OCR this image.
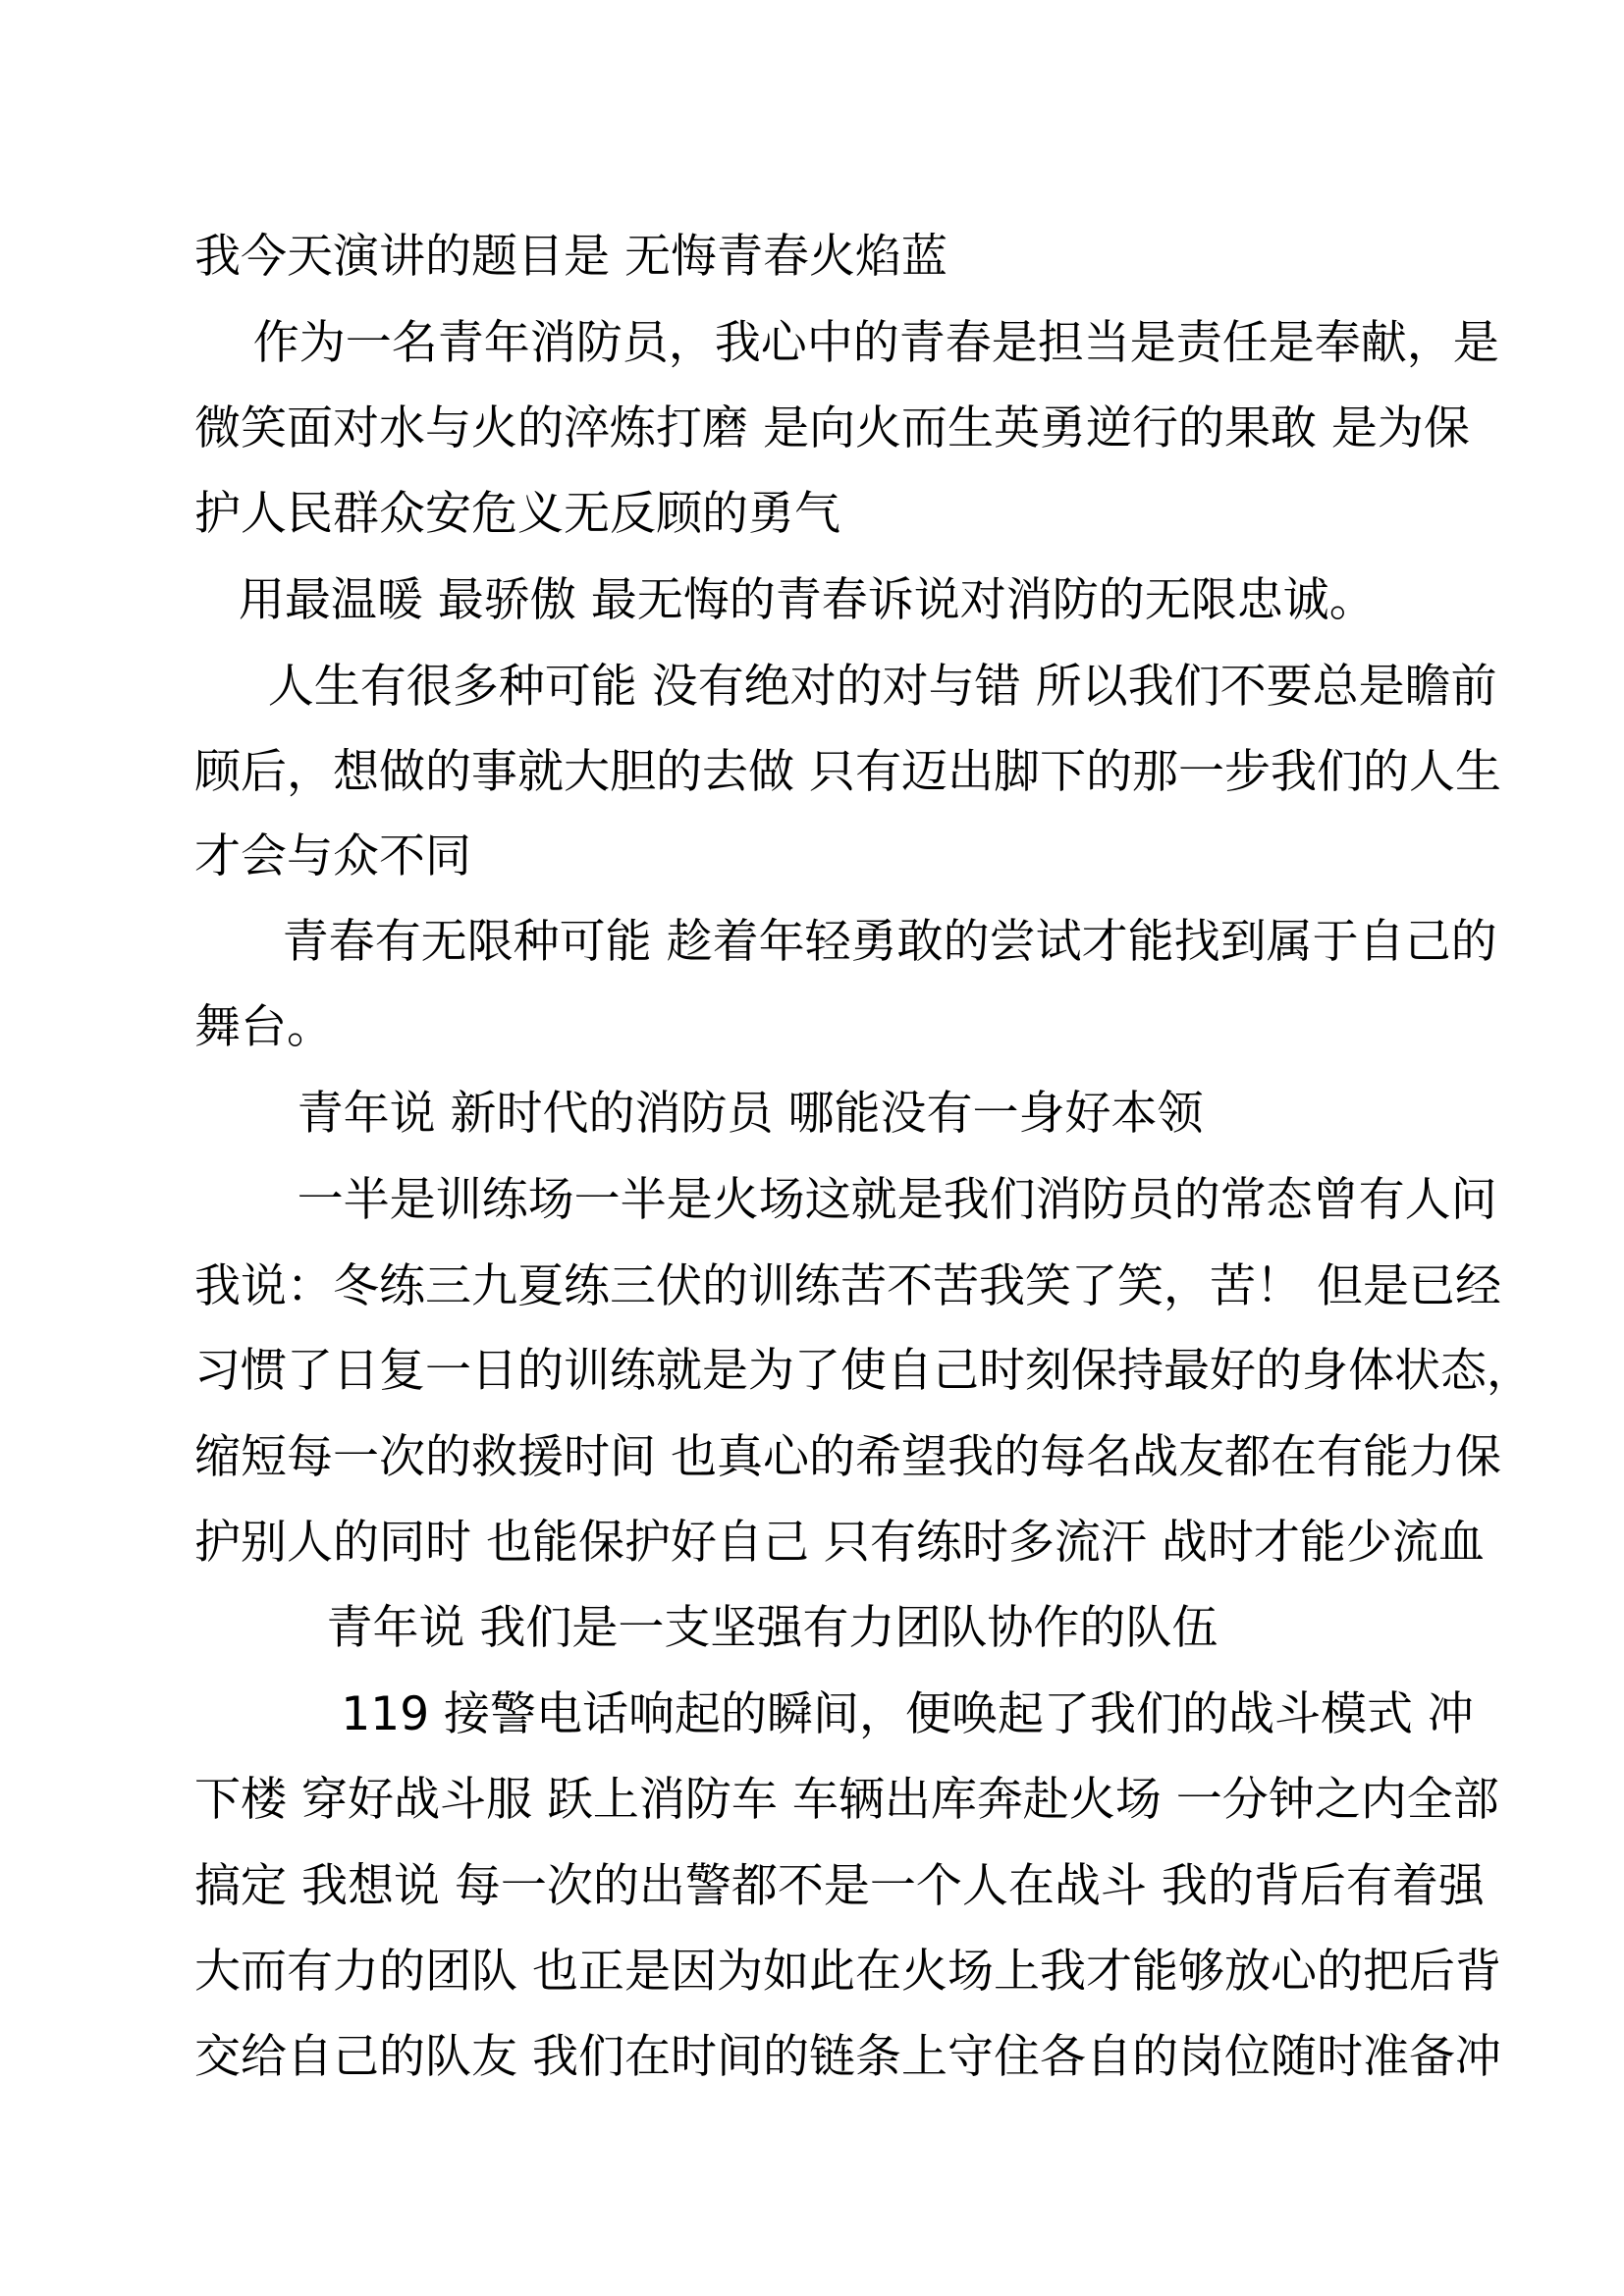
我今天演讲的题目是 无悔青春火焰蓝
作为一名青年消防员，我心中的青春是担当是责任是奉献，是
微笑面对水与火的淬炼打磨 是向火而生英勇逆行的果敢 是为保
护人民群众安危义无反顾的勇气
用最温暖 最骄傲 最无悔的青春诉说对消防的无限忠诚。
人生有很多种可能 没有绝对的对与错 所以我们不要总是瞻前
顾后，想做的事就大胆的去做 只有迈出脚下的那一步我们的人生
才会与众不同
青春有无限种可能 趁着年轻勇敢的尝试才能找到属于自己的
舞台。
青年说 新时代的消防员 哪能没有一身好本领
一半是训练场一半是火场这就是我们消防员的常态曾有人问
我说：冬练三九夏练三伏的训练苦不苦我笑了笑，苦！ 但是已经
习惯了日复一日的训练就是为了使自己时刻保持最好的身体状态，
缩短每一次的救援时间 也真心的希望我的每名战友都在有能力保
护别人的同时 也能保护好自己 只有练时多流汗 战时才能少流血
青年说 我们是一支坚强有力团队协作的队伍
119 接警电话响起的瞬间，便唤起了我们的战斗模式 冲
下楼 穿好战斗服 跃上消防车 车辆出库奔赴火场 一分钟之内全部
搞定 我想说 每一次的出警都不是一个人在战斗 我的背后有着强
大而有力的团队 也正是因为如此在火场上我才能够放心的把后背
交给自己的队友 我们在时间的链条上守住各自的岗位随时准备冲
